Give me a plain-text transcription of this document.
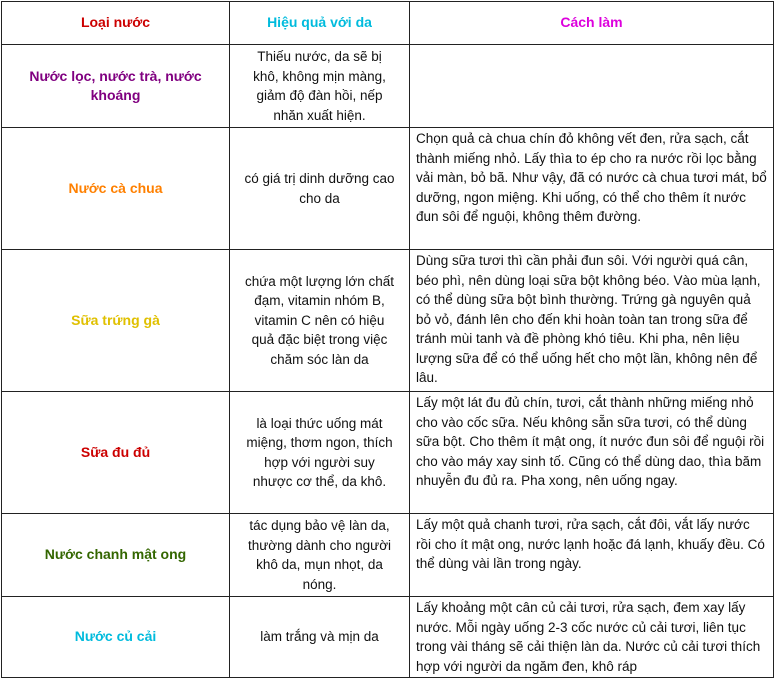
Loại nước	Hiệu quả với da	Cách làm
Nước lọc, nước trà, nước khoáng	Thiếu nước, da sẽ bị khô, không mịn màng, giảm độ đàn hồi, nếp nhăn xuất hiện.	
Nước cà chua	có giá trị dinh dưỡng cao cho da	Chọn quả cà chua chín đỏ không vết đen, rửa sạch, cắt thành miếng nhỏ. Lấy thìa to ép cho ra nước rồi lọc bằng vải màn, bỏ bã. Như vậy, đã có nước cà chua tươi mát, bổ dưỡng, ngon miệng. Khi uống, có thể cho thêm ít nước đun sôi để nguội, không thêm đường.
Sữa trứng gà	chứa một lượng lớn chất đạm, vitamin nhóm B, vitamin C nên có hiệu quả đặc biệt trong việc chăm sóc làn da	Dùng sữa tươi thì cần phải đun sôi. Với người quá cân, béo phì, nên dùng loại sữa bột không béo. Vào mùa lạnh, có thể dùng sữa bột bình thường. Trứng gà nguyên quả bỏ vỏ, đánh lên cho đến khi hoàn toàn tan trong sữa để tránh mùi tanh và đề phòng khó tiêu. Khi pha, nên liệu lượng sữa để có thể uống hết cho một lần, không nên để lâu.
Sữa đu đủ	là loại thức uống mát miệng, thơm ngon, thích hợp với người suy nhược cơ thể, da khô.	Lấy một lát đu đủ chín, tươi, cắt thành những miếng nhỏ cho vào cốc sữa. Nếu không sẵn sữa tươi, có thể dùng sữa bột. Cho thêm ít mật ong, ít nước đun sôi để nguội rồi cho vào máy xay sinh tố. Cũng có thể dùng dao, thìa băm nhuyễn đu đủ ra. Pha xong, nên uống ngay.
Nước chanh mật ong	tác dụng bảo vệ làn da, thường dành cho người khô da, mụn nhọt, da nóng.	Lấy một quả chanh tươi, rửa sạch, cắt đôi, vắt lấy nước rồi cho ít mật ong, nước lạnh hoặc đá lạnh, khuấy đều. Có thể dùng vài lần trong ngày.
Nước củ cải	làm trắng và mịn da	Lấy khoảng một cân củ cải tươi, rửa sạch, đem xay lấy nước. Mỗi ngày uống 2-3 cốc nước củ cải tươi, liên tục trong vài tháng sẽ cải thiện làn da. Nước củ cải tươi thích hợp với người da ngăm đen, khô ráp
